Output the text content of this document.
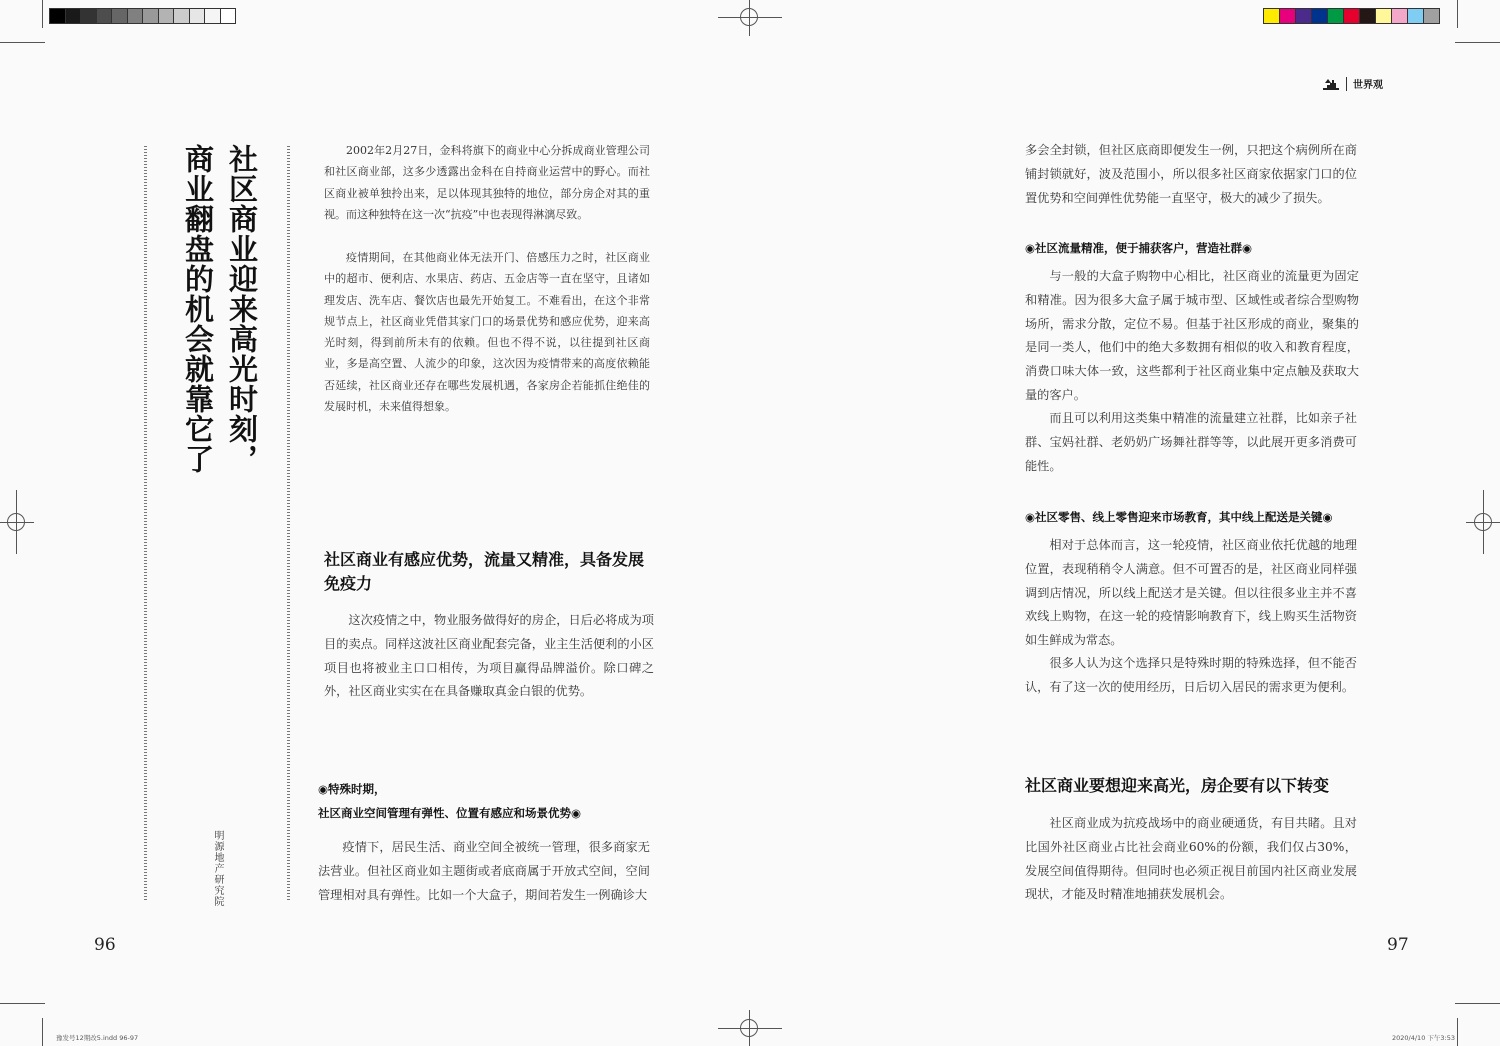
社区商业迎来高光时刻，
商业翻盘的机会就靠它了
明源地产研究院

2002年2月27日，金科将旗下的商业中心分拆成商业管理公司和社区商业部，这多少透露出金科在自持商业运营中的野心。而社区商业被单独拎出来，足以体现其独特的地位，部分房企对其的重视。而这种独特在这一次“抗疫”中也表现得淋漓尽致。

疫情期间，在其他商业体无法开门、倍感压力之时，社区商业中的超市、便利店、水果店、药店、五金店等一直在坚守，且诸如理发店、洗车店、餐饮店也最先开始复工。不难看出，在这个非常规节点上，社区商业凭借其家门口的场景优势和感应优势，迎来高光时刻，得到前所未有的依赖。但也不得不说，以往提到社区商业，多是高空置、人流少的印象，这次因为疫情带来的高度依赖能否延续，社区商业还存在哪些发展机遇，各家房企若能抓住绝佳的发展时机，未来值得想象。

社区商业有感应优势，流量又精准，具备发展免疫力

这次疫情之中，物业服务做得好的房企，日后必将成为项目的卖点。同样这波社区商业配套完备，业主生活便利的小区项目也将被业主口口相传，为项目赢得品牌溢价。除口碑之外，社区商业实实在在具备赚取真金白银的优势。

◉特殊时期，

社区商业空间管理有弹性、位置有感应和场景优势◉

疫情下，居民生活、商业空间全被统一管理，很多商家无法营业。但社区商业如主题街或者底商属于开放式空间，空间管理相对具有弹性。比如一个大盒子，期间若发生一例确诊大

96
豫发号12期改5.indd 96-97
世界观

多会全封锁，但社区底商即便发生一例，只把这个病例所在商铺封锁就好，波及范围小，所以很多社区商家依据家门口的位置优势和空间弹性优势能一直坚守，极大的减少了损失。

◉社区流量精准，便于捕获客户，营造社群◉

与一般的大盒子购物中心相比，社区商业的流量更为固定和精准。因为很多大盒子属于城市型、区域性或者综合型购物场所，需求分散，定位不易。但基于社区形成的商业，聚集的是同一类人，他们中的绝大多数拥有相似的收入和教育程度，消费口味大体一致，这些都利于社区商业集中定点触及获取大量的客户。

而且可以利用这类集中精准的流量建立社群，比如亲子社群、宝妈社群、老奶奶广场舞社群等等，以此展开更多消费可能性。

◉社区零售、线上零售迎来市场教育，其中线上配送是关键◉

相对于总体而言，这一轮疫情，社区商业依托优越的地理位置，表现稍稍令人满意。但不可置否的是，社区商业同样强调到店情况，所以线上配送才是关键。但以往很多业主并不喜欢线上购物，在这一轮的疫情影响教育下，线上购买生活物资如生鲜成为常态。

很多人认为这个选择只是特殊时期的特殊选择，但不能否认，有了这一次的使用经历，日后切入居民的需求更为便利。

社区商业要想迎来高光，房企要有以下转变

社区商业成为抗疫战场中的商业硬通货，有目共睹。且对比国外社区商业占比社会商业60%的份额，我们仅占30%，发展空间值得期待。但同时也必须正视目前国内社区商业发展现状，才能及时精准地捕获发展机会。

97
2020/4/10 下午3:53
